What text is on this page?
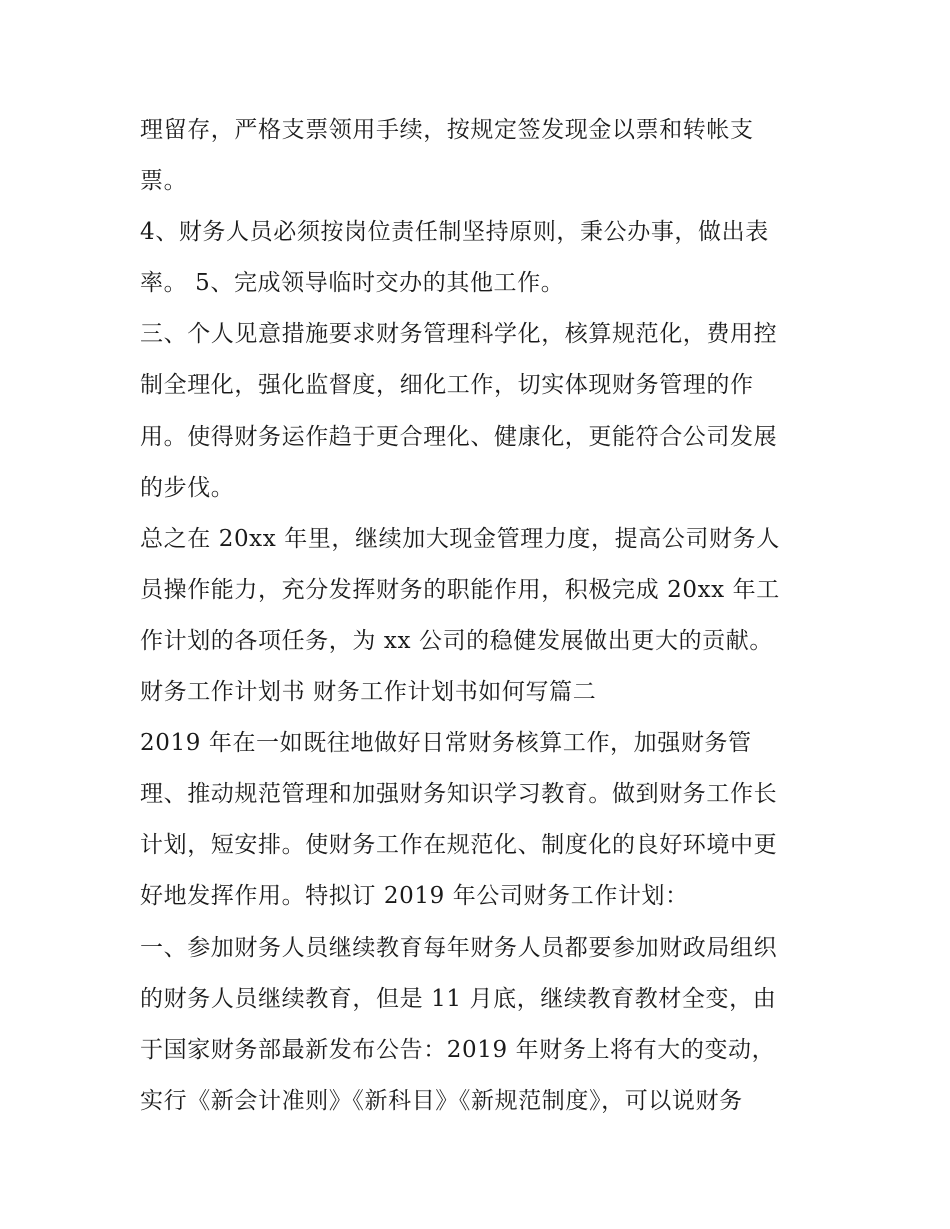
理留存，严格支票领用手续，按规定签发现金以票和转帐支
票。
4、财务人员必须按岗位责任制坚持原则，秉公办事，做出表
率。 5、完成领导临时交办的其他工作。
三、个人见意措施要求财务管理科学化，核算规范化，费用控
制全理化，强化监督度，细化工作，切实体现财务管理的作
用。使得财务运作趋于更合理化、健康化，更能符合公司发展
的步伐。
总之在 20xx 年里，继续加大现金管理力度，提高公司财务人
员操作能力，充分发挥财务的职能作用，积极完成 20xx 年工
作计划的各项任务，为 xx 公司的稳健发展做出更大的贡献。
财务工作计划书 财务工作计划书如何写篇二
2019 年在一如既往地做好日常财务核算工作，加强财务管
理、推动规范管理和加强财务知识学习教育。做到财务工作长
计划，短安排。使财务工作在规范化、制度化的良好环境中更
好地发挥作用。特拟订 2019 年公司财务工作计划：
一、参加财务人员继续教育每年财务人员都要参加财政局组织
的财务人员继续教育，但是 11 月底，继续教育教材全变，由
于国家财务部最新发布公告：2019 年财务上将有大的变动，
实行《新会计准则》《新科目》《新规范制度》，可以说财务
